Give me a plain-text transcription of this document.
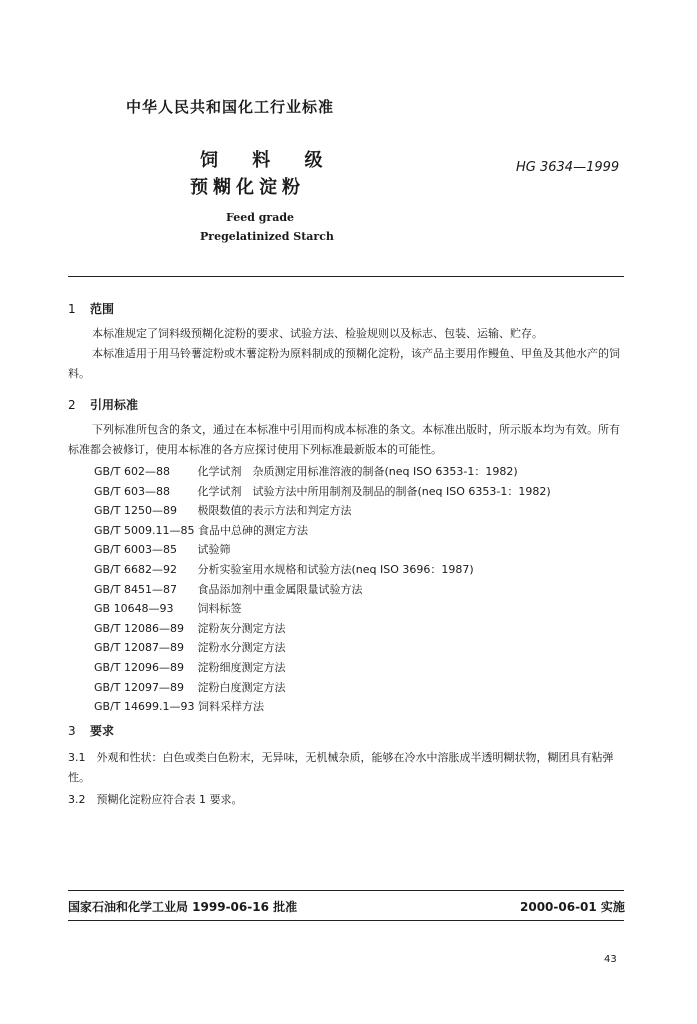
中华人民共和国化工行业标准
饲 料 级
预糊化淀粉
HG 3634—1999
Feed grade
Pregelatinized Starch
1 范围
本标准规定了饲料级预糊化淀粉的要求、试验方法、检验规则以及标志、包装、运输、贮存。
本标准适用于用马铃薯淀粉或木薯淀粉为原料制成的预糊化淀粉，该产品主要用作鳗鱼、甲鱼及其他水产的饲料。
2 引用标准
下列标准所包含的条文，通过在本标准中引用而构成本标准的条文。本标准出版时，所示版本均为有效。所有标准都会被修订，使用本标准的各方应探讨使用下列标准最新版本的可能性。
GB/T 602—88	化学试剂　杂质测定用标准溶液的制备(neq ISO 6353-1：1982)
GB/T 603—88	化学试剂　试验方法中所用制剂及制品的制备(neq ISO 6353-1：1982)
GB/T 1250—89 极限数值的表示方法和判定方法
GB/T 5009.11—85 食品中总砷的测定方法
GB/T 6003—85 试验筛
GB/T 6682—92 分析实验室用水规格和试验方法(neq ISO 3696：1987)
GB/T 8451—87 食品添加剂中重金属限量试验方法
GB 10648—93 饲料标签
GB/T 12086—89 淀粉灰分测定方法
GB/T 12087—89 淀粉水分测定方法
GB/T 12096—89 淀粉细度测定方法
GB/T 12097—89 淀粉白度测定方法
GB/T 14699.1—93 饲料采样方法
3 要求
3.1　 外观和性状：白色或类白色粉末，无异味，无机械杂质，能够在冷水中溶胀成半透明糊状物，糊团具有粘弹性。
3.2　 预糊化淀粉应符合表 1 要求。
国家石油和化学工业局 1999-06-16 批准	2000-06-01 实施
43
